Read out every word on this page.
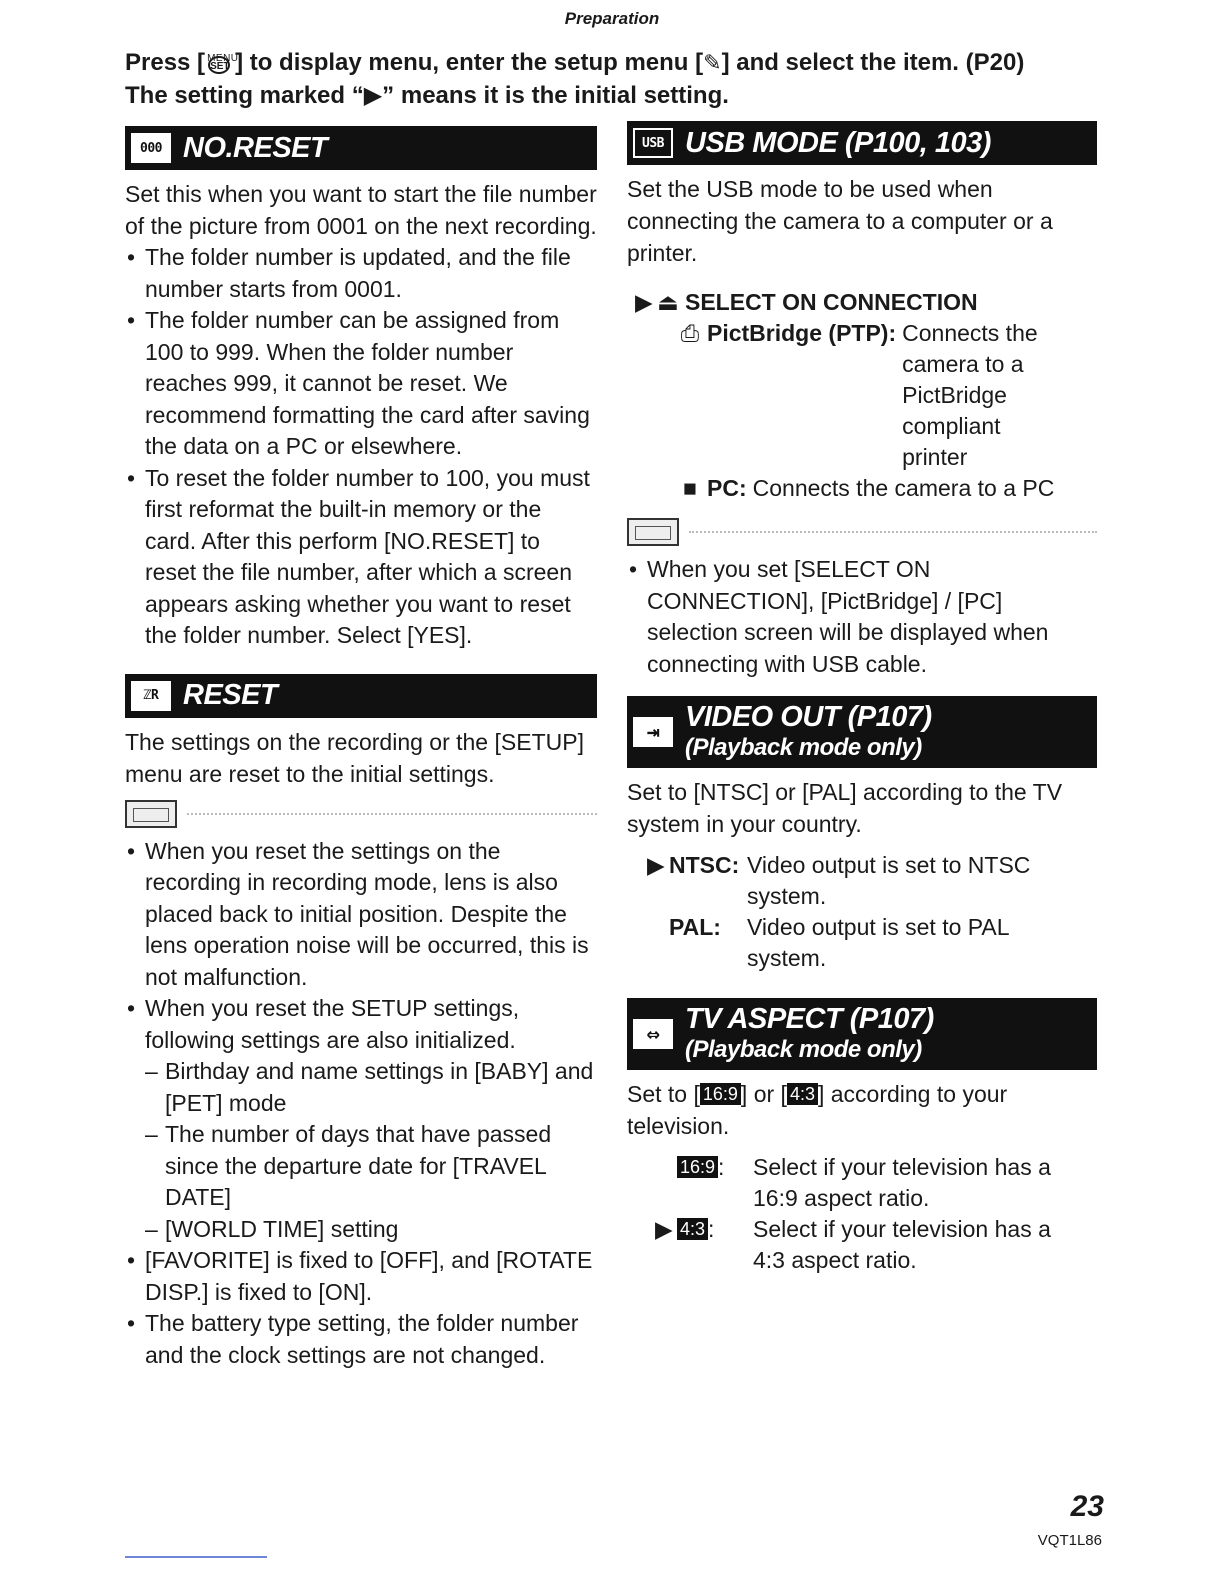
Preparation
Press [ MENU
SET ] to display menu, enter the setup menu [✎] and select the item. (P20)
The setting marked “▶” means it is the initial setting.
000 NO.RESET

Set this when you want to start the file number of the picture from 0001 on the next recording.

• The folder number is updated, and the file number starts from 0001.
• The folder number can be assigned from 100 to 999. When the folder number reaches 999, it cannot be reset. We recommend formatting the card after saving the data on a PC or elsewhere.
• To reset the folder number to 100, you must first reformat the built-in memory or the card. After this perform [NO.RESET] to reset the file number, after which a screen appears asking whether you want to reset the folder number. Select [YES].
ℤR RESET

The settings on the recording or the [SETUP] menu are reset to the initial settings.

• When you reset the settings on the recording in recording mode, lens is also placed back to initial position. Despite the lens operation noise will be occurred, this is not malfunction.
• When you reset the SETUP settings, following settings are also initialized.
– Birthday and name settings in [BABY] and [PET] mode
– The number of days that have passed since the departure date for [TRAVEL DATE]
– [WORLD TIME] setting
• [FAVORITE] is fixed to [OFF], and [ROTATE DISP.] is fixed to [ON].
• The battery type setting, the folder number and the clock settings are not changed.
USB USB MODE (P100, 103)

Set the USB mode to be used when connecting the camera to a computer or a printer.

▶ ⏏ SELECT ON CONNECTION
⎙ PictBridge (PTP): Connects the camera to a PictBridge compliant printer
■ PC: Connects the camera to a PC
• When you set [SELECT ON CONNECTION], [PictBridge] / [PC] selection screen will be displayed when connecting with USB cable.
⇥ VIDEO OUT (P107)
(Playback mode only)

Set to [NTSC] or [PAL] according to the TV system in your country.

▶ NTSC: Video output is set to NTSC system.
PAL:	Video output is set to PAL system.
⇔ TV ASPECT (P107)
(Playback mode only)

Set to [ 16:9 ] or [ 4:3 ] according to your television.

16:9 :	Select if your television has a 16:9 aspect ratio.
▶ 4:3 :	Select if your television has a 4:3 aspect ratio.
23
VQT1L86
